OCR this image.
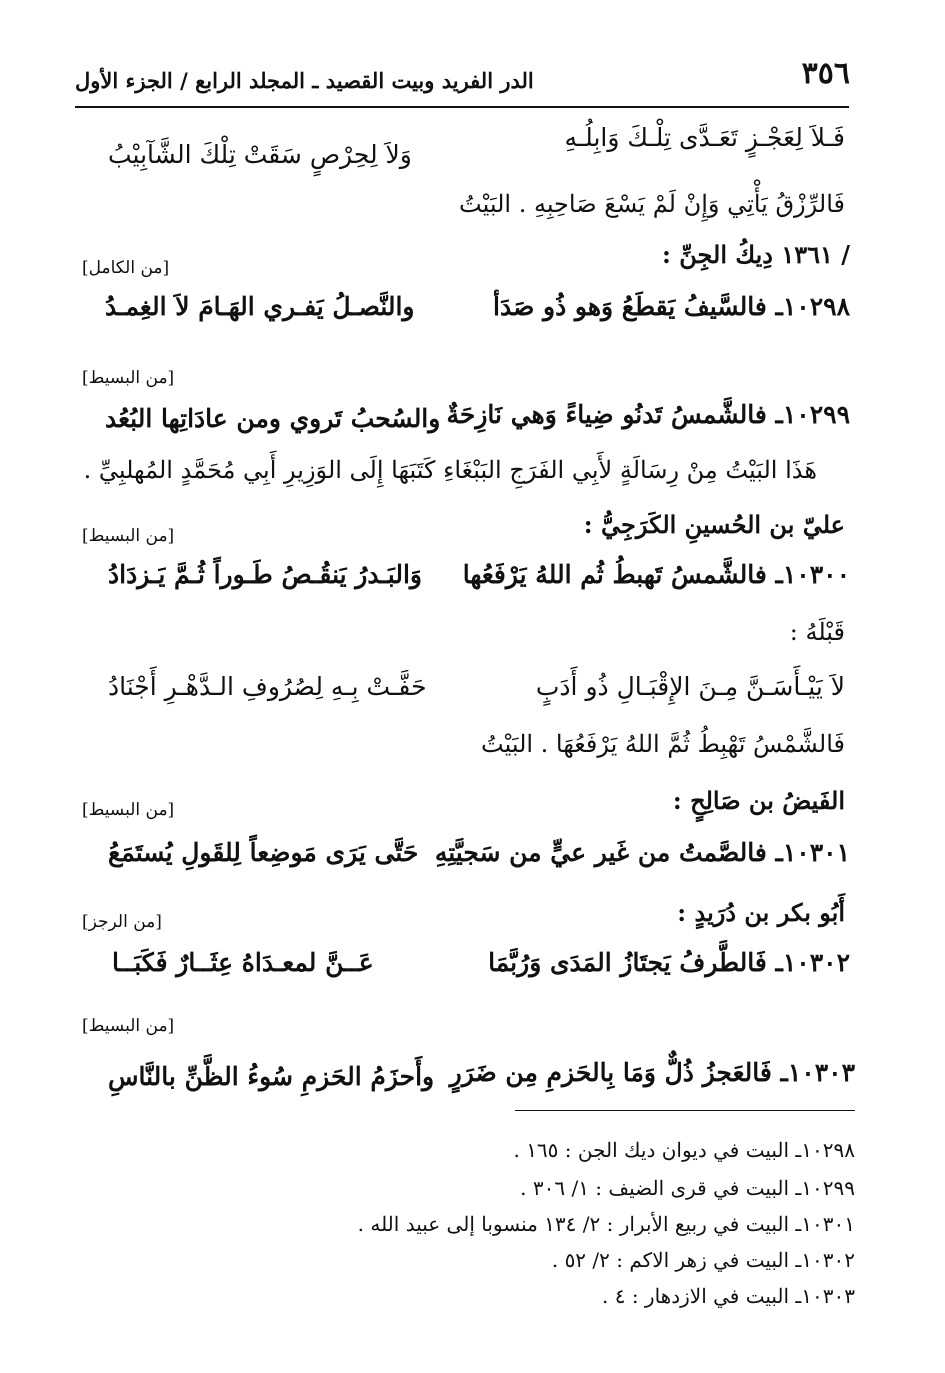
٣٥٦
الدر الفريد وبيت القصيد ـ المجلد الرابع / الجزء الأول
فَـلاَ لِعَجْـزٍ تَعَـدَّى تِلْـكَ وَابِلُـهِ
وَلاَ لِحِرْصٍ سَقَتْ تِلْكَ الشَّآبِيْبُ
فَالرِّزْقُ يَأْتِي وَإِنْ لَمْ يَسْعَ صَاحِبِهِ . البَيْتُ
/ ١٣٦١ دِيكُ الجِنِّ :
[من الكامل]
١٠٢٩٨ـ فالسَّيفُ يَقطَعُ وَهو ذُو صَدَأ
والنَّصـلُ يَفـري الهَـامَ لاَ الغِمـدُ
[من البسيط]
١٠٢٩٩ـ فالشَّمسُ تَدنُو ضِياءً وَهي نَازِحَةٌ
والسُحبُ تَروي ومن عادَاتِها البُعُد
هَذَا البَيْتُ مِنْ رِسَالَةٍ لأَبِي الفَرَجِ البَبْغَاءِ كَتَبَهَا إِلَى الوَزِيرِ أَبِي مُحَمَّدٍ المُهلبِيِّ .
عليّ بن الحُسينِ الكَرَجِيُّ :
[من البسيط]
١٠٣٠٠ـ فالشَّمسُ تَهبطُ ثُم اللهُ يَرْفَعُها
وَالبَـدرُ يَنقُـصُ طَـوراً ثُـمَّ يَـزدَادُ
قَبْلَهُ :
لاَ يَيْـأَسَـنَّ مِـنَ الإِقْبَـالِ ذُو أَدَبٍ
حَفَّـتْ بِـهِ لِصُرُوفِ الـدَّهْـرِ أَجْنَادُ
فَالشَّمْسُ تَهْبِطُ ثُمَّ اللهُ يَرْفَعُهَا . البَيْتُ
الفَيضُ بن صَالِحٍ :
[من البسيط]
١٠٣٠١ـ فالصَّمتُ من غَير عيٍّ من سَجيَّتِهِ
حَتَّى يَرَى مَوضِعاً لِلقَولِ يُستَمَعُ
أَبُو بكر بن دُرَيدٍ :
[من الرجز]
١٠٣٠٢ـ فَالطَّرفُ يَجتَازُ المَدَى وَرُبَّمَا
عَــنَّ لمعـدَاهُ عِثَــارٌ فَكَبَــا
[من البسيط]
١٠٣٠٣ـ فَالعَجزُ ذُلٌّ وَمَا بِالحَزمِ مِن ضَرَرٍ
وأَحزَمُ الحَزمِ سُوءُ الظَّنِّ بالنَّاسِ
١٠٢٩٨ـ البيت في ديوان ديك الجن : ١٦٥ .
١٠٢٩٩ـ البيت في قرى الضيف : ١/ ٣٠٦ .
١٠٣٠١ـ البيت في ربيع الأبرار : ٢/ ١٣٤ منسوبا إلى عبيد الله .
١٠٣٠٢ـ البيت في زهر الاكم : ٢/ ٥٢ .
١٠٣٠٣ـ البيت في الازدهار : ٤ .
